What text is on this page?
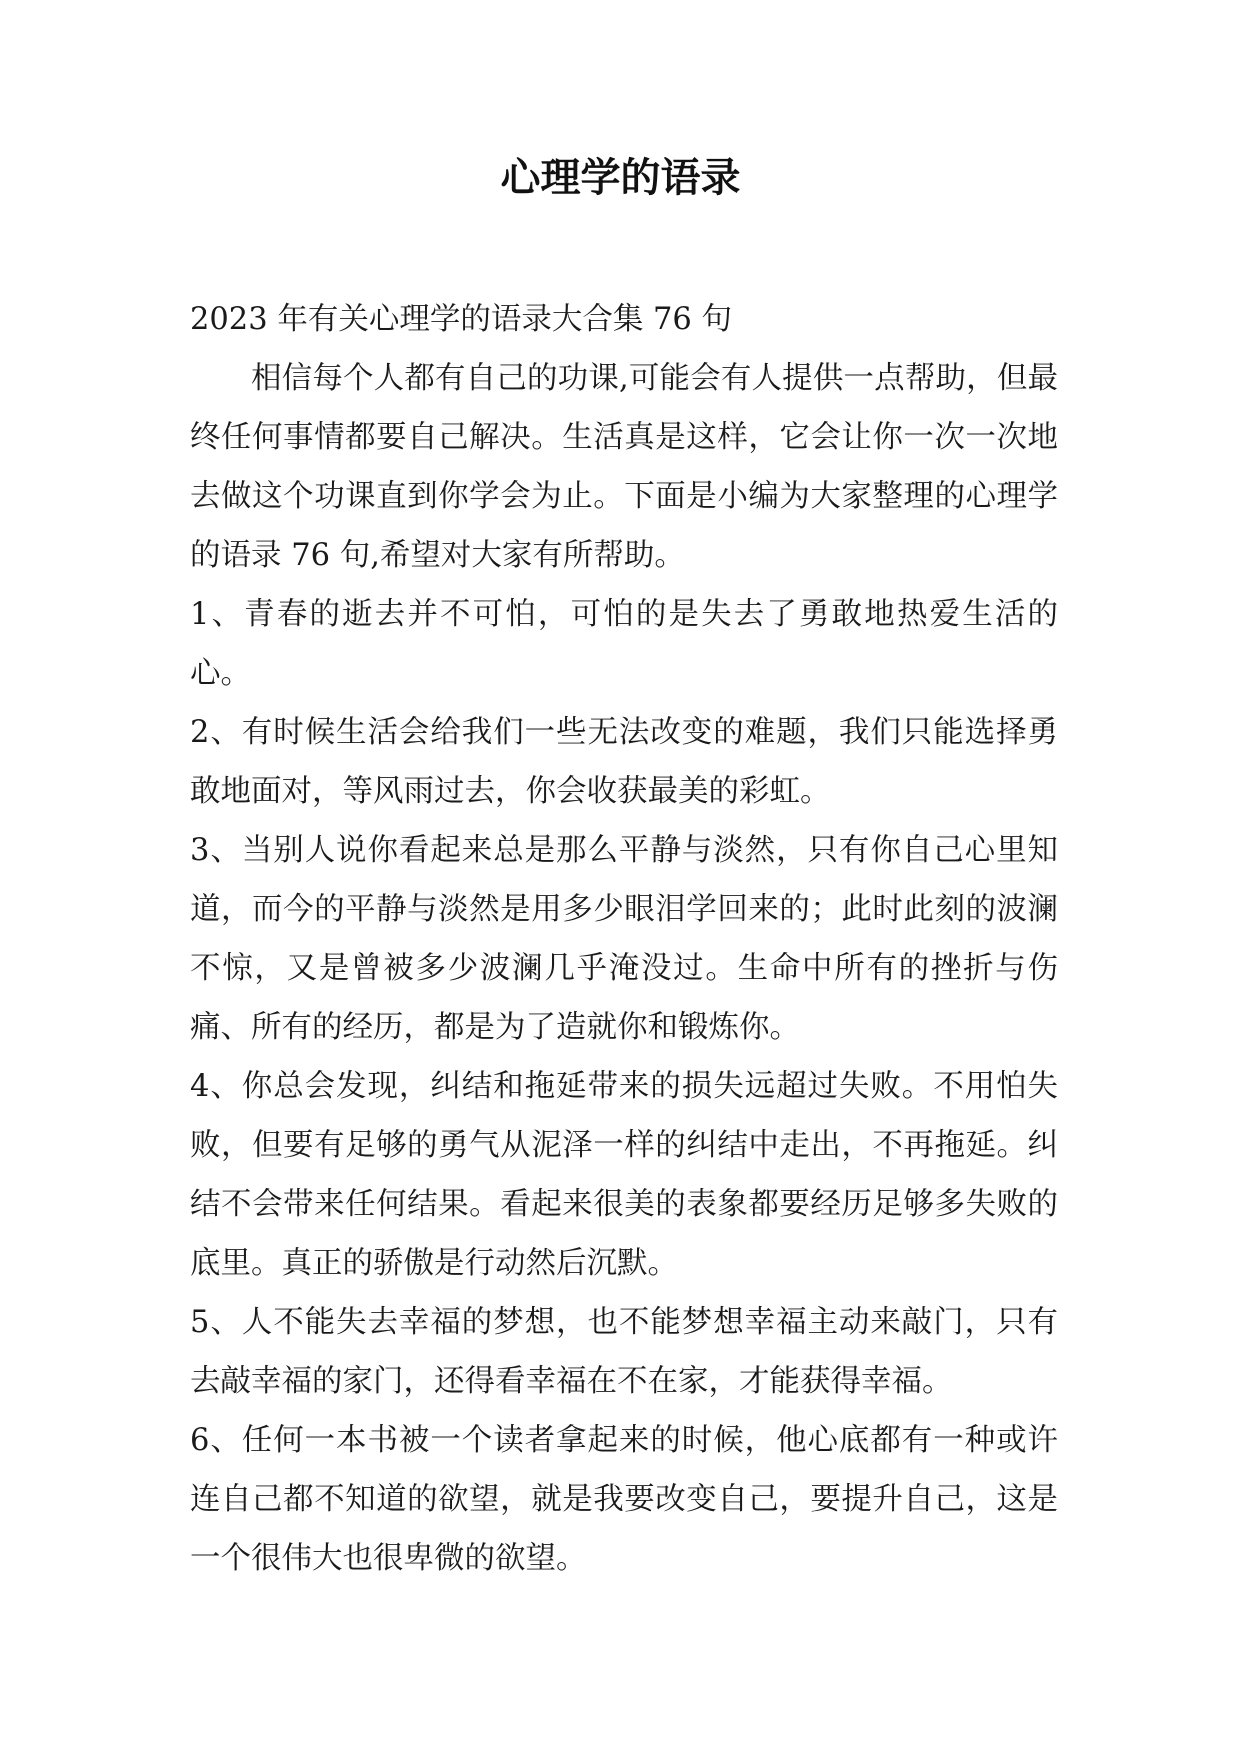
心理学的语录

2023 年有关心理学的语录大合集 76 句

相信每个人都有自己的功课,可能会有人提供一点帮助，但最终任何事情都要自己解决。生活真是这样，它会让你一次一次地去做这个功课直到你学会为止。下面是小编为大家整理的心理学的语录 76 句,希望对大家有所帮助。

1、青春的逝去并不可怕，可怕的是失去了勇敢地热爱生活的心。

2、有时候生活会给我们一些无法改变的难题，我们只能选择勇敢地面对，等风雨过去，你会收获最美的彩虹。

3、当别人说你看起来总是那么平静与淡然，只有你自己心里知道，而今的平静与淡然是用多少眼泪学回来的；此时此刻的波澜不惊，又是曾被多少波澜几乎淹没过。生命中所有的挫折与伤痛、所有的经历，都是为了造就你和锻炼你。

4、你总会发现，纠结和拖延带来的损失远超过失败。不用怕失败，但要有足够的勇气从泥泽一样的纠结中走出，不再拖延。纠结不会带来任何结果。看起来很美的表象都要经历足够多失败的底里。真正的骄傲是行动然后沉默。

5、人不能失去幸福的梦想，也不能梦想幸福主动来敲门，只有去敲幸福的家门，还得看幸福在不在家，才能获得幸福。

6、任何一本书被一个读者拿起来的时候，他心底都有一种或许连自己都不知道的欲望，就是我要改变自己，要提升自己，这是一个很伟大也很卑微的欲望。
